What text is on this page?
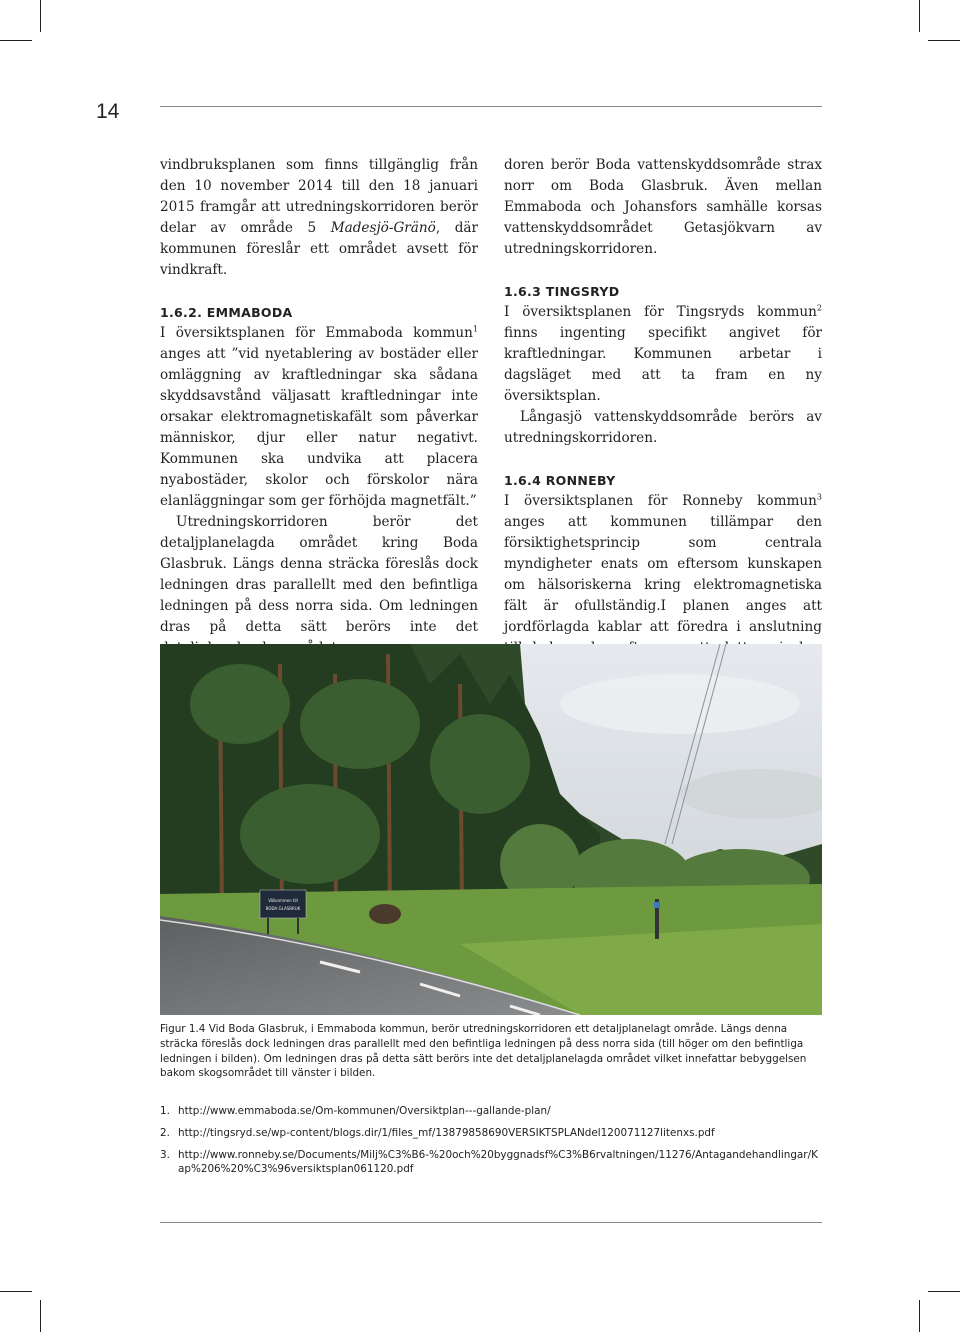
14

vindbruksplanen som finns tillgänglig från den 10 november 2014 till den 18 januari 2015 framgår att utredningskorridoren berör delar av område 5 Madesjö-Gränö, där kommunen föreslår ett området avsett för vindkraft.

1.6.2. EMMABODA

I översiktsplanen för Emmaboda kommun$^1$ anges att ”vid nyetablering av bostäder eller omläggning av kraftledningar ska sådana skyddsavstånd väljasatt kraftledningar inte orsakar elektromagnetiskafält som påverkar människor, djur eller natur negativt. Kommunen ska undvika att placera nyabostäder, skolor och förskolor nära elanläggningar som ger förhöjda magnetfält.”

Utredningskorridoren berör det detaljplanelagda området kring Boda Glasbruk. Längs denna sträcka föreslås dock ledningen dras parallellt med den befintliga ledningen på dess norra sida. Om ledningen dras på detta sätt berörs inte det

doren berör Boda vattenskyddsområde strax norr om Boda Glasbruk. Även mellan Emmaboda och Johansfors samhälle korsas vattenskyddsområdet Getasjökvarn av utredningskorridoren.

1.6.3 TINGSRYD

I översiktsplanen för Tingsryds kommun$^2$ finns ingenting specifikt angivet för kraftledningar. Kommunen arbetar i dagsläget med att ta fram en ny översiktsplan.

Långasjö vattenskyddsområde berörs av utredningskorridoren.

1.6.4 RONNEBY

I översiktsplanen för Ronneby kommun$^3$ anges att kommunen tillämpar den försiktighetsprincip som centrala myndigheter enats om eftersom kunskapen om hälsoriskerna kring elektromagnetiska fält är ofullständig.I planen anges att jordförlagda kablar att föredra i anslutning

Välkommen till
BODA GLASBRUK
Figur 1.4 Vid Boda Glasbruk, i Emmaboda kommun, berör utredningskorridoren ett detaljplanelagt område. Längs denna sträcka föreslås dock ledningen dras parallellt med den befintliga ledningen på dess norra sida (till höger om den befintliga ledningen i bilden). Om ledningen dras på detta sätt berörs inte det detaljplanelagda området vilket innefattar bebyggelsen bakom skogsområdet till vänster i bilden.
1. http://www.emmaboda.se/Om-kommunen/Oversiktplan---gallande-plan/
2. http://tingsryd.se/wp-content/blogs.dir/1/files_mf/13879858690VERSIKTSPLANdel120071127litenxs.pdf
3. http://www.ronneby.se/Documents/Milj%C3%B6-%20och%20byggnadsf%C3%B6rvaltningen/11276/Antagandehandlingar/Kap%206%20%C3%96versiktsplan061120.pdf
